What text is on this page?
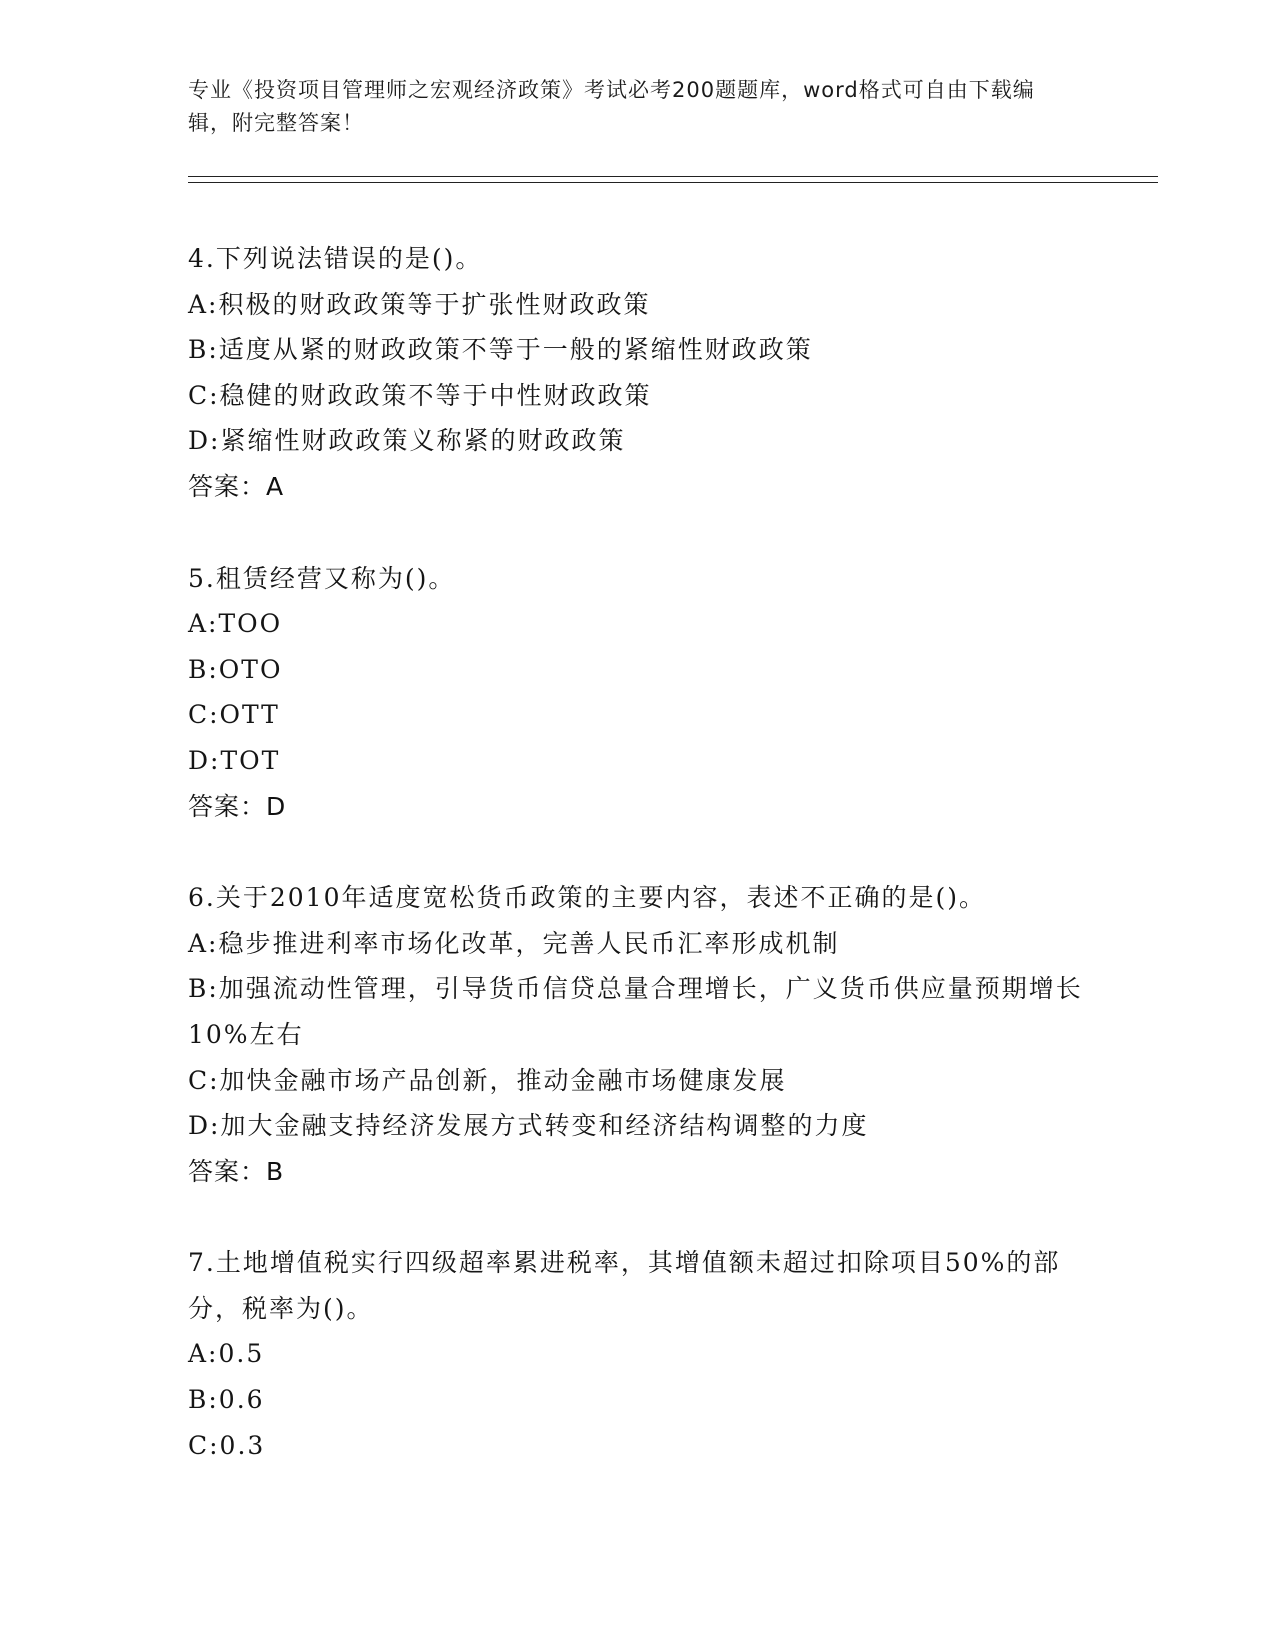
专业《投资项目管理师之宏观经济政策》考试必考200题题库，word格式可自由下载编辑，附完整答案！

4.下列说法错误的是()。

A:积极的财政政策等于扩张性财政政策

B:适度从紧的财政政策不等于一般的紧缩性财政政策

C:稳健的财政政策不等于中性财政政策

D:紧缩性财政政策义称紧的财政政策

答案：A

5.租赁经营又称为()。

A:TOO

B:OTO

C:OTT

D:TOT

答案：D

6.关于2010年适度宽松货币政策的主要内容，表述不正确的是()。

A:稳步推进利率市场化改革，完善人民币汇率形成机制

B:加强流动性管理，引导货币信贷总量合理增长，广义货币供应量预期增长10%左右

C:加快金融市场产品创新，推动金融市场健康发展

D:加大金融支持经济发展方式转变和经济结构调整的力度

答案：B

7.土地增值税实行四级超率累进税率，其增值额未超过扣除项目50%的部分，税率为()。

A:0.5

B:0.6

C:0.3
